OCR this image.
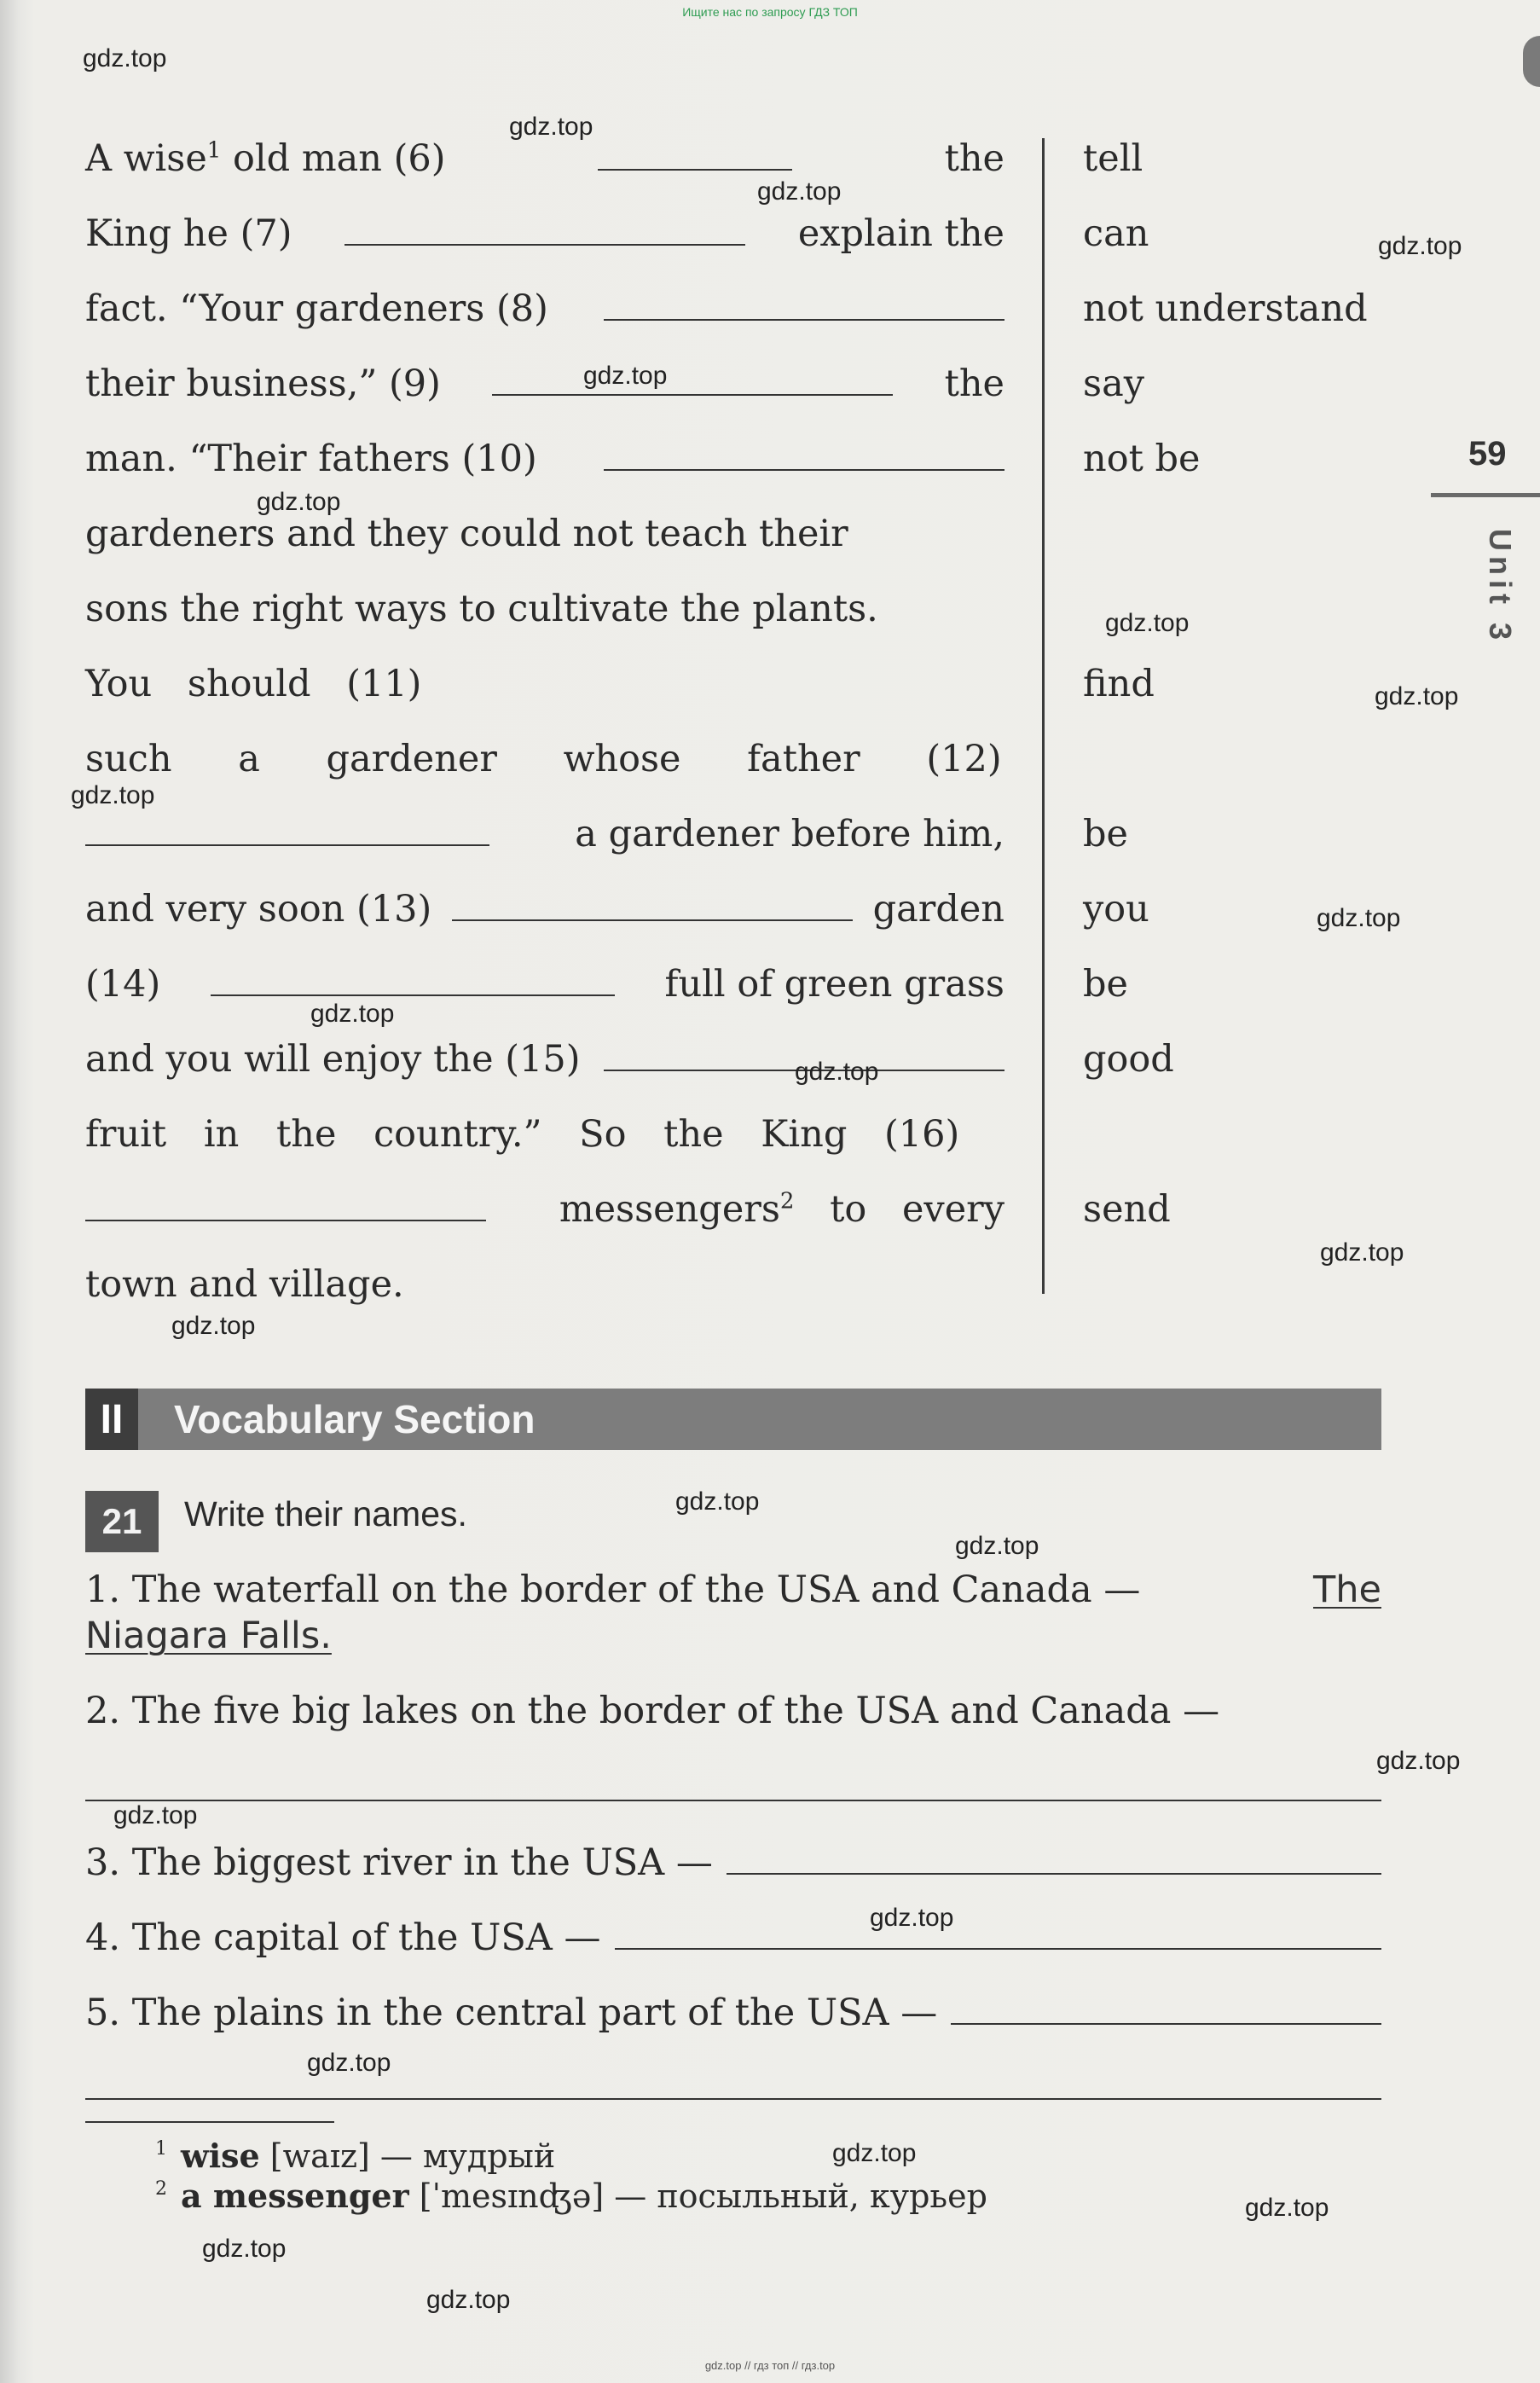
Ищите нас по запросу ГДЗ ТОП
A wise$^1$ old man (6)	the
King he (7)	explain the
fact. “Your gardeners (8)
their business,” (9)	the
man. “Their fathers (10)
gardeners and they could not teach their
sons the right ways to cultivate the plants.
You should (11)
such a gardener whose father (12)
a gardener before him,
and very soon (13)	garden
(14)	full of green grass
and you will enjoy the (15)
fruit in the country.” So the King (16)
messengers$^2$ to every
town and village.
tell
can
not understand
say
not be
find
be
you
be
good
send
59
Unit 3
II	Vocabulary Section
21	Write their names.
1. The waterfall on the border of the USA and Canada —	The
Niagara Falls.
2. The five big lakes on the border of the USA and Canada —
3. The biggest river in the USA —
4. The capital of the USA —
5. The plains in the central part of the USA —
1 wise [waɪz] — мудрый
2 a messenger [ˈmesɪnʤə] — посыльный, курьер
gdz.top
gdz.top
gdz.top
gdz.top
gdz.top
gdz.top
gdz.top
gdz.top
gdz.top
gdz.top
gdz.top
gdz.top
gdz.top
gdz.top
gdz.top
gdz.top
gdz.top
gdz.top
gdz.top
gdz.top
gdz.top
gdz.top
gdz.top
gdz.top
gdz.top // гдз топ // гдз.top
